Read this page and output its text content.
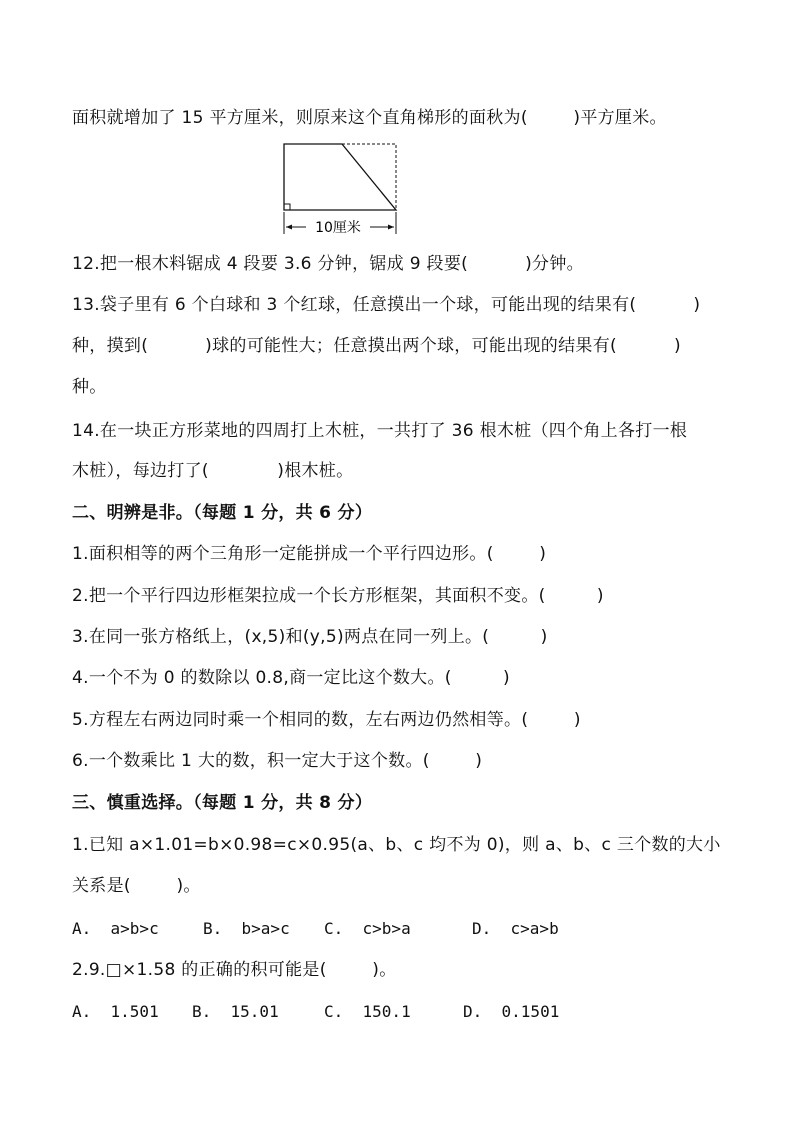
面积就增加了 15 平方厘米，则原来这个直角梯形的面秋为(        )平方厘米。
10厘米
12.把一根木料锯成 4 段要 3.6 分钟，锯成 9 段要(          )分钟。
13.袋子里有 6 个白球和 3 个红球，任意摸出一个球，可能出现的结果有(          )
种，摸到(          )球的可能性大；任意摸出两个球，可能出现的结果有(          )
种。
14.在一块正方形菜地的四周打上木桩，一共打了 36 根木桩（四个角上各打一根
木桩），每边打了(            )根木桩。
二、明辨是非。（每题 1 分，共 6 分）
1.面积相等的两个三角形一定能拼成一个平行四边形。(        )
2.把一个平行四边形框架拉成一个长方形框架，其面积不变。(         )
3.在同一张方格纸上，(x,5)和(y,5)两点在同一列上。(         )
4.一个不为 0 的数除以 0.8,商一定比这个数大。(         )
5.方程左右两边同时乘一个相同的数，左右两边仍然相等。(        )
6.一个数乘比 1 大的数，积一定大于这个数。(        )
三、慎重选择。（每题 1 分，共 8 分）
1.已知 a×1.01=b×0.98=c×0.95(a、b、c 均不为 0)，则 a、b、c 三个数的大小
关系是(        )。
A.  a>b>c	B.  b>a>c C.  c>b>a	D.  c>a>b
2.9.□×1.58 的正确的积可能是(        )。
A.  1.501 B.  15.01	C.  150.1	D.  0.1501
